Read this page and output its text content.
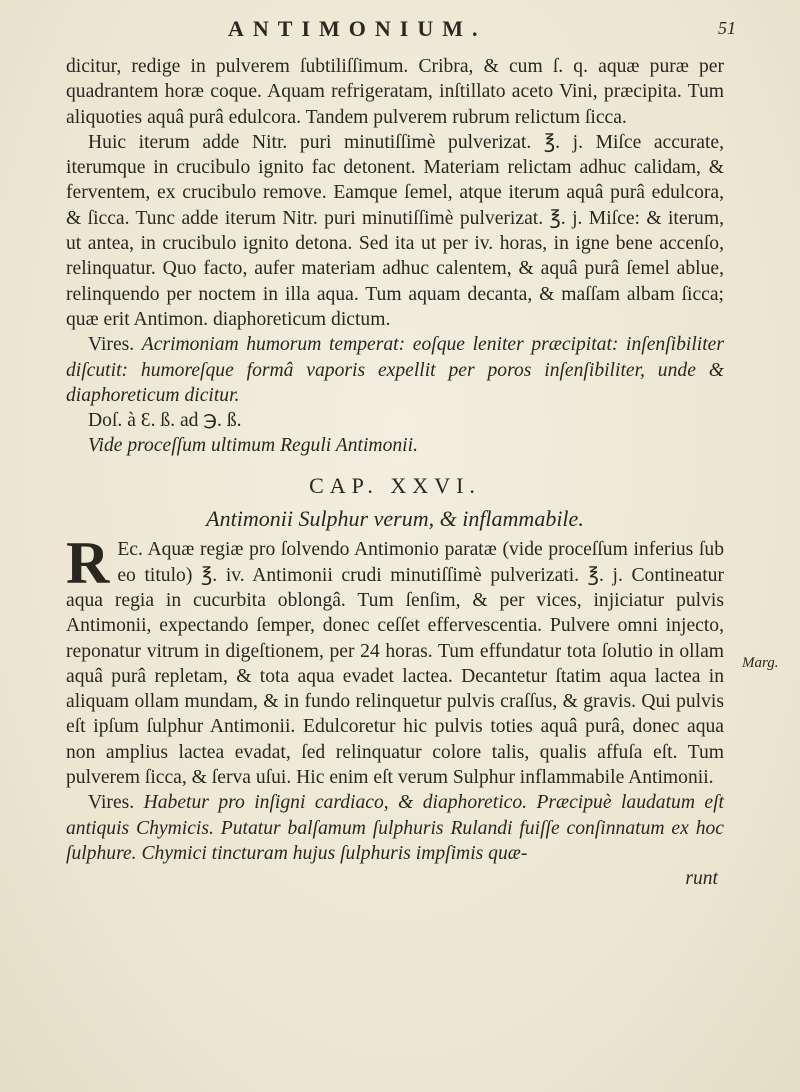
ANTIMONIUM.	51

dicitur, redige in pulverem ſubtiliſſimum. Cribra, & cum ſ. q. aquæ puræ per quadrantem horæ coque. Aquam refrigeratam, inſtillato aceto Vini, præcipita. Tum aliquoties aquâ purâ edulcora. Tandem pulverem rubrum relictum ſicca.

Huic iterum adde Nitr. puri minutiſſimè pulverizat. ℥. j. Miſce accurate, iterumque in crucibulo ignito fac detonent. Materiam relictam adhuc calidam, & ferventem, ex crucibulo remove. Eamque ſemel, atque iterum aquâ purâ edulcora, & ſicca. Tunc adde iterum Nitr. puri minutiſſimè pulverizat. ℥. j. Miſce: & iterum, ut antea, in crucibulo ignito detona. Sed ita ut per iv. horas, in igne bene accenſo, relinquatur. Quo facto, aufer materiam adhuc calentem, & aquâ purâ ſemel ablue, relinquendo per noctem in illa aqua. Tum aquam decanta, & maſſam albam ſicca; quæ erit Antimon. diaphoreticum dictum.

Vires. Acrimoniam humorum temperat: eoſque leniter præcipitat: inſenſibiliter diſcutit: humoreſque formâ vaporis expellit per poros inſenſibiliter, unde & diaphoreticum dicitur.

Doſ. à Ɛ. ß. ad ℈. ß.

Vide proceſſum ultimum Reguli Antimonii.

CAP. XXVI.
Antimonii Sulphur verum, & inflammabile.

R Ec. Aquæ regiæ pro ſolvendo Antimonio paratæ (vide proceſſum inferius ſub eo titulo) ℥. iv. Antimonii crudi minutiſſimè pulverizati. ℥. j. Contineatur aqua regia in cucurbita oblongâ. Tum ſenſim, & per vices, injiciatur pulvis Antimonii, expectando ſemper, donec ceſſet effervescentia. Pulvere omni injecto, reponatur vitrum in digeſtionem, per 24 horas. Tum effundatur tota ſolutio in ollam aquâ purâ repletam, & tota aqua evadet lactea. Decantetur ſtatim aqua lactea in aliquam ollam mundam, & in fundo relinquetur pulvis craſſus, & gravis. Qui pulvis eſt ipſum ſulphur Antimonii. Edulcoretur hic pulvis toties aquâ purâ, donec aqua non amplius lactea evadat, ſed relinquatur colore talis, qualis affuſa eſt. Tum pulverem ſicca, & ſerva uſui. Hic enim eſt verum Sulphur inflammabile Antimonii.

Vires. Habetur pro inſigni cardiaco, & diaphoretico. Præcipuè laudatum eſt antiquis Chymicis. Putatur balſamum ſulphuris Rulandi fuiſſe conſinnatum ex hoc ſulphure. Chymici tincturam hujus ſulphuris impſimis quæ-

runt

Marg.
